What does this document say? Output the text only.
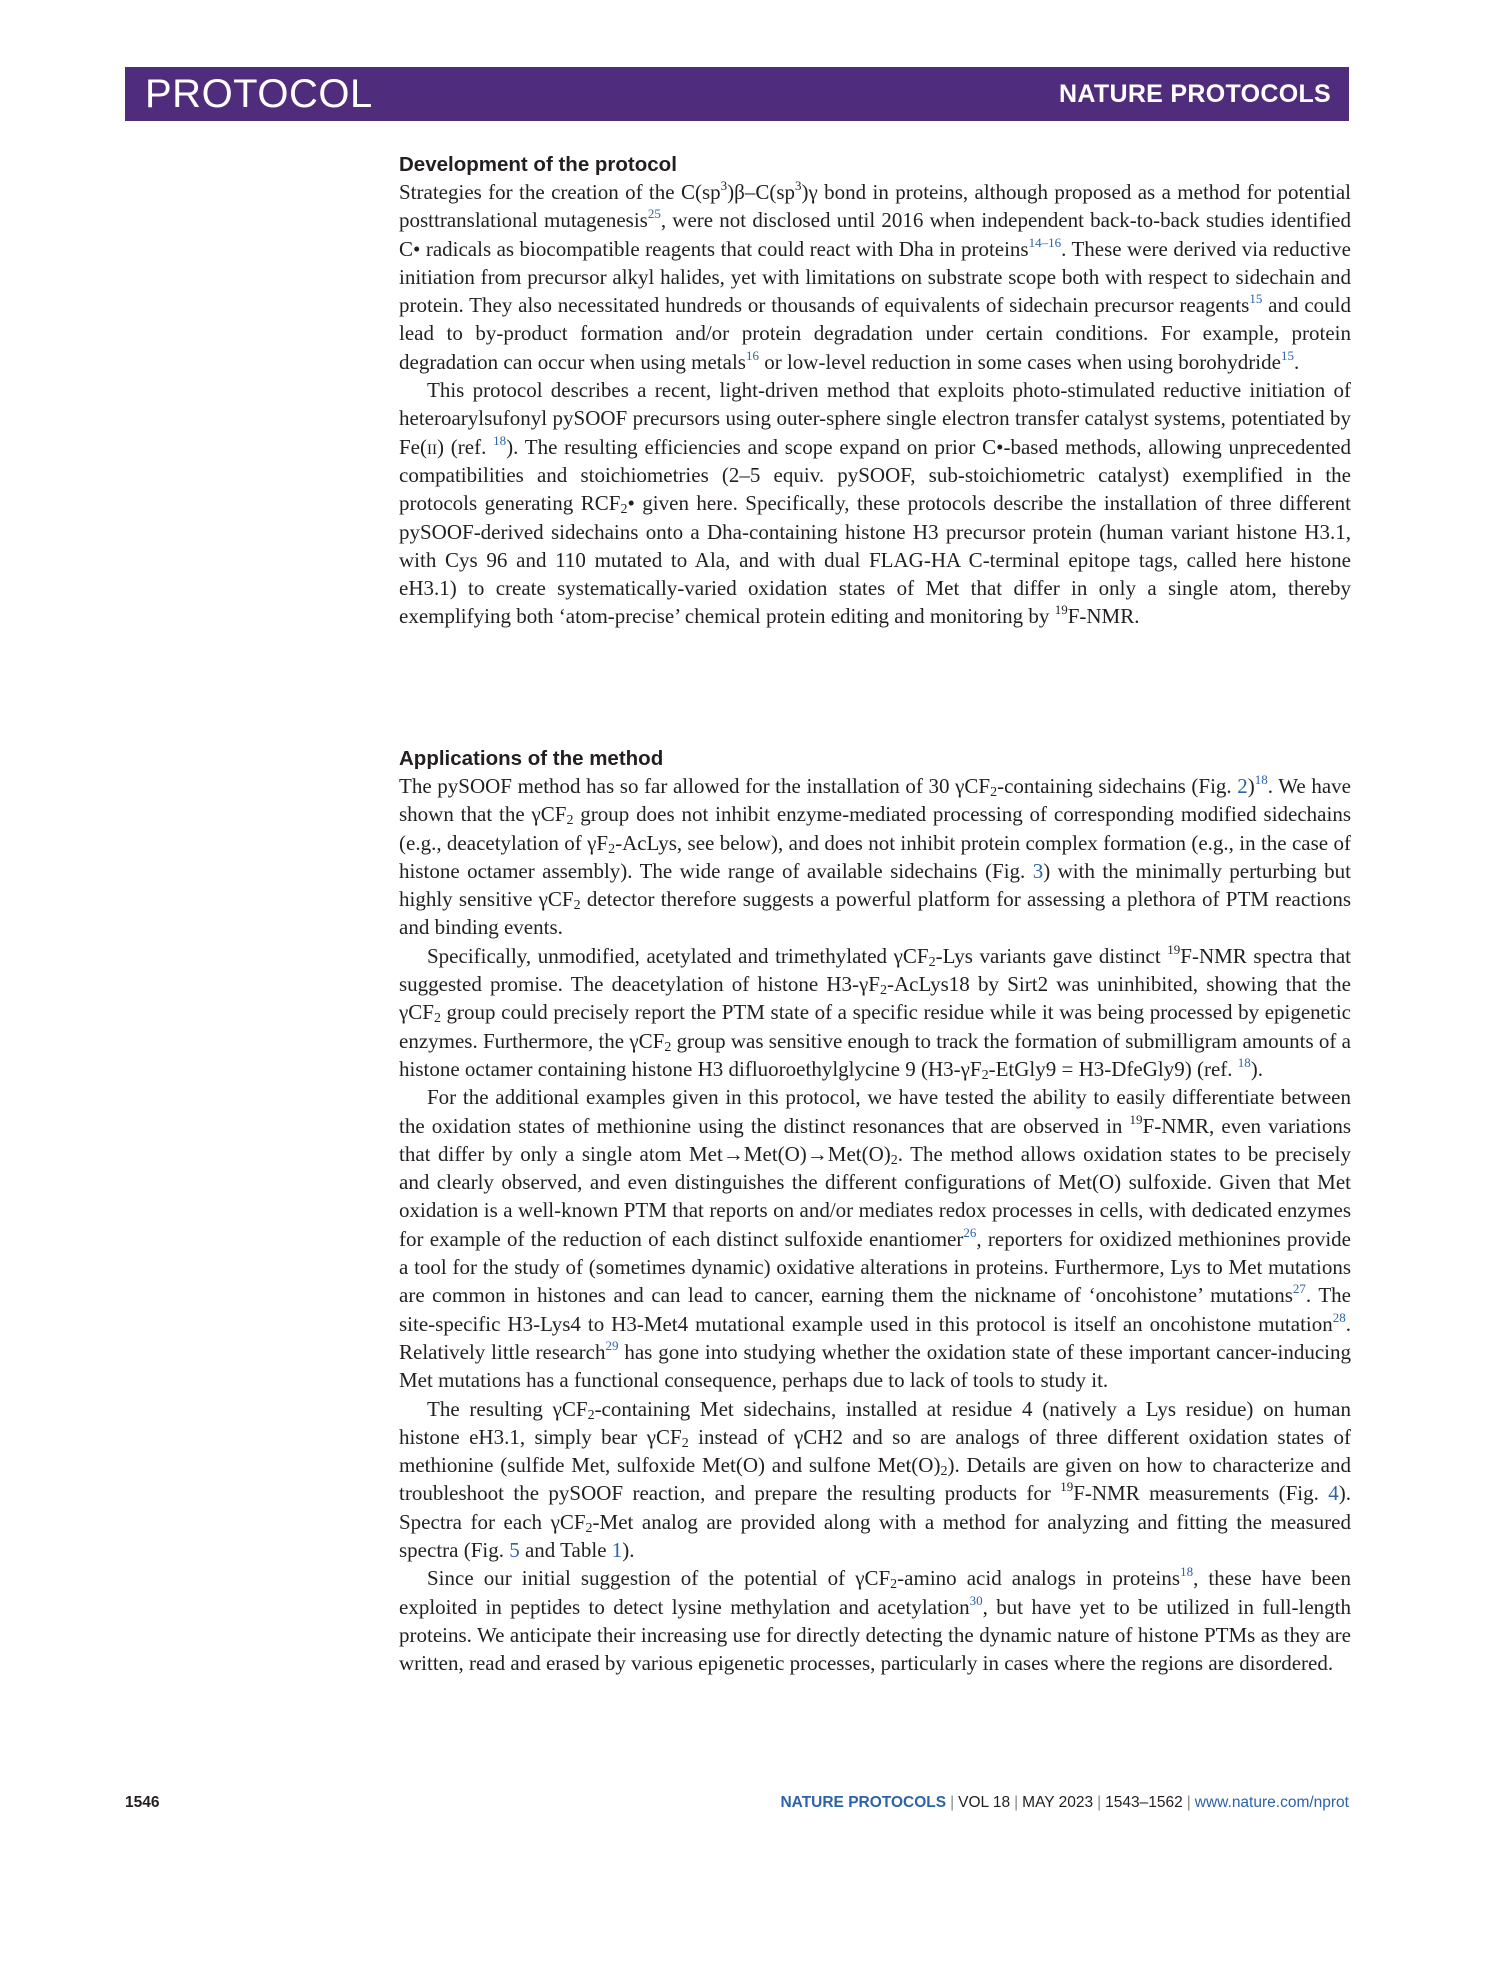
PROTOCOL	NATURE PROTOCOLS
Development of the protocol

Strategies for the creation of the $C(sp^3)\beta-C(sp^3)\gamma$ bond in proteins, although proposed as a method for potential posttranslational mutagenesis$^{25}$, were not disclosed until 2016 when independent back-to-back studies identified C• radicals as biocompatible reagents that could react with Dha in proteins$^{14-16}$. These were derived via reductive initiation from precursor alkyl halides, yet with limitations on substrate scope both with respect to sidechain and protein. They also necessitated hundreds or thousands of equivalents of sidechain precursor reagents$^{15}$ and could lead to by-product formation and/or protein degradation under certain conditions. For example, protein degradation can occur when using metals$^{16}$ or low-level reduction in some cases when using borohydride$^{15}$.

This protocol describes a recent, light-driven method that exploits photo-stimulated reductive initiation of heteroarylsufonyl pySOOF precursors using outer-sphere single electron transfer catalyst systems, potentiated by Fe(ii) (ref. $^{18}$). The resulting efficiencies and scope expand on prior C•-based methods, allowing unprecedented compatibilities and stoichiometries (2–5 equiv. pySOOF, sub-stoichiometric catalyst) exemplified in the protocols generating $RCF_2•$ given here. Specifically, these protocols describe the installation of three different pySOOF-derived sidechains onto a Dha-containing histone H3 precursor protein (human variant histone H3.1, with Cys 96 and 110 mutated to Ala, and with dual FLAG-HA C-terminal epitope tags, called here histone eH3.1) to create systematically-varied oxidation states of Met that differ in only a single atom, thereby exemplifying both ‘atom-precise’ chemical protein editing and monitoring by $^{19}$F-NMR.

Applications of the method

The pySOOF method has so far allowed for the installation of 30 γCF$_2$-containing sidechains (Fig. 2)$^{18}$. We have shown that the γCF$_2$ group does not inhibit enzyme-mediated processing of corresponding modified sidechains (e.g., deacetylation of $\gamma F_2$-AcLys, see below), and does not inhibit protein complex formation (e.g., in the case of histone octamer assembly). The wide range of available sidechains (Fig. 3) with the minimally perturbing but highly sensitive γCF$_2$ detector therefore suggests a powerful platform for assessing a plethora of PTM reactions and binding events.

Specifically, unmodified, acetylated and trimethylated γCF$_2$-Lys variants gave distinct $^{19}$F-NMR spectra that suggested promise. The deacetylation of histone $H3-\gamma F_2-AcLys18$ by Sirt2 was uninhibited, showing that the γCF$_2$ group could precisely report the PTM state of a specific residue while it was being processed by epigenetic enzymes. Furthermore, the γCF$_2$ group was sensitive enough to track the formation of submilligram amounts of a histone octamer containing histone H3 difluoroethylglycine 9 ($H3-\gamma F_2-EtGly9$ = H3-DfeGly9) (ref. $^{18}$).

For the additional examples given in this protocol, we have tested the ability to easily differentiate between the oxidation states of methionine using the distinct resonances that are observed in $^{19}$F-NMR, even variations that differ by only a single atom $Met\to Met(O)\to Met(O)_2$. The method allows oxidation states to be precisely and clearly observed, and even distinguishes the different configurations of Met(O) sulfoxide. Given that Met oxidation is a well-known PTM that reports on and/or mediates redox processes in cells, with dedicated enzymes for example of the reduction of each distinct sulfoxide enantiomer$^{26}$, reporters for oxidized methionines provide a tool for the study of (sometimes dynamic) oxidative alterations in proteins. Furthermore, Lys to Met mutations are common in histones and can lead to cancer, earning them the nickname of ‘oncohistone’ mutations$^{27}$. The site-specific H3-Lys4 to H3-Met4 mutational example used in this protocol is itself an oncohistone mutation$^{28}$. Relatively little research$^{29}$ has gone into studying whether the oxidation state of these important cancer-inducing Met mutations has a functional consequence, perhaps due to lack of tools to study it.

The resulting γCF$_2$-containing Met sidechains, installed at residue 4 (natively a Lys residue) on human histone eH3.1, simply bear γCF$_2$ instead of γCH2 and so are analogs of three different oxidation states of methionine (sulfide Met, sulfoxide Met(O) and sulfone $Met(O)_2$). Details are given on how to characterize and troubleshoot the pySOOF reaction, and prepare the resulting products for $^{19}$F-NMR measurements (Fig. 4). Spectra for each γCF$_2$-Met analog are provided along with a method for analyzing and fitting the measured spectra (Fig. 5 and Table 1).

Since our initial suggestion of the potential of γCF$_2$-amino acid analogs in proteins$^{18}$, these have been exploited in peptides to detect lysine methylation and acetylation$^{30}$, but have yet to be utilized in full-length proteins. We anticipate their increasing use for directly detecting the dynamic nature of histone PTMs as they are written, read and erased by various epigenetic processes, particularly in cases where the regions are disordered.

1546	NATURE PROTOCOLS | VOL 18 | MAY 2023 | 1543–1562 | www.nature.com/nprot
